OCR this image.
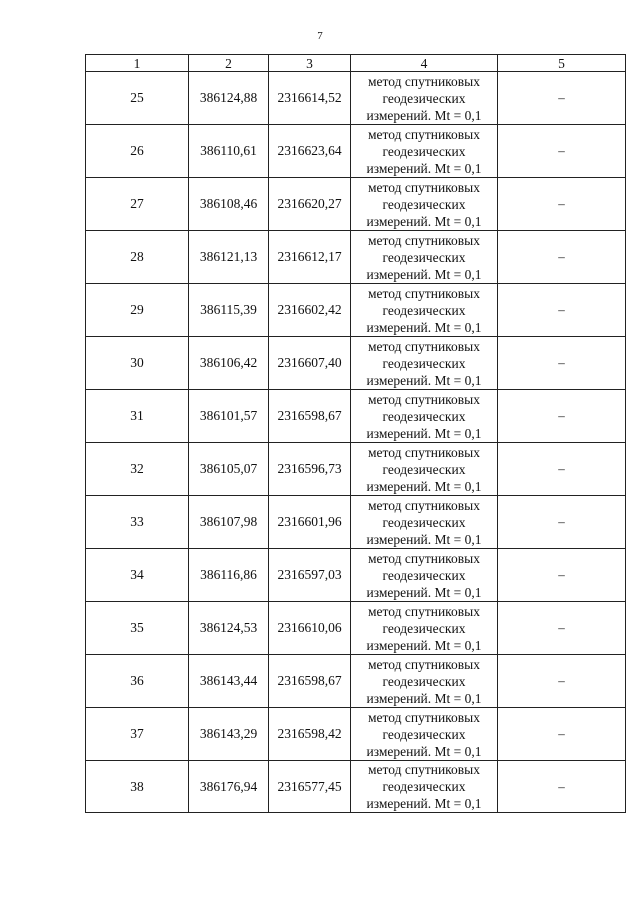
7
1	2	3	4	5
25	386124,88	2316614,52	метод спутниковых
геодезических
измерений. Mt = 0,1	–
26	386110,61	2316623,64	метод спутниковых
геодезических
измерений. Mt = 0,1	–
27	386108,46	2316620,27	метод спутниковых
геодезических
измерений. Mt = 0,1	–
28	386121,13	2316612,17	метод спутниковых
геодезических
измерений. Mt = 0,1	–
29	386115,39	2316602,42	метод спутниковых
геодезических
измерений. Mt = 0,1	–
30	386106,42	2316607,40	метод спутниковых
геодезических
измерений. Mt = 0,1	–
31	386101,57	2316598,67	метод спутниковых
геодезических
измерений. Mt = 0,1	–
32	386105,07	2316596,73	метод спутниковых
геодезических
измерений. Mt = 0,1	–
33	386107,98	2316601,96	метод спутниковых
геодезических
измерений. Mt = 0,1	–
34	386116,86	2316597,03	метод спутниковых
геодезических
измерений. Mt = 0,1	–
35	386124,53	2316610,06	метод спутниковых
геодезических
измерений. Mt = 0,1	–
36	386143,44	2316598,67	метод спутниковых
геодезических
измерений. Mt = 0,1	–
37	386143,29	2316598,42	метод спутниковых
геодезических
измерений. Mt = 0,1	–
38	386176,94	2316577,45	метод спутниковых
геодезических
измерений. Mt = 0,1	–
